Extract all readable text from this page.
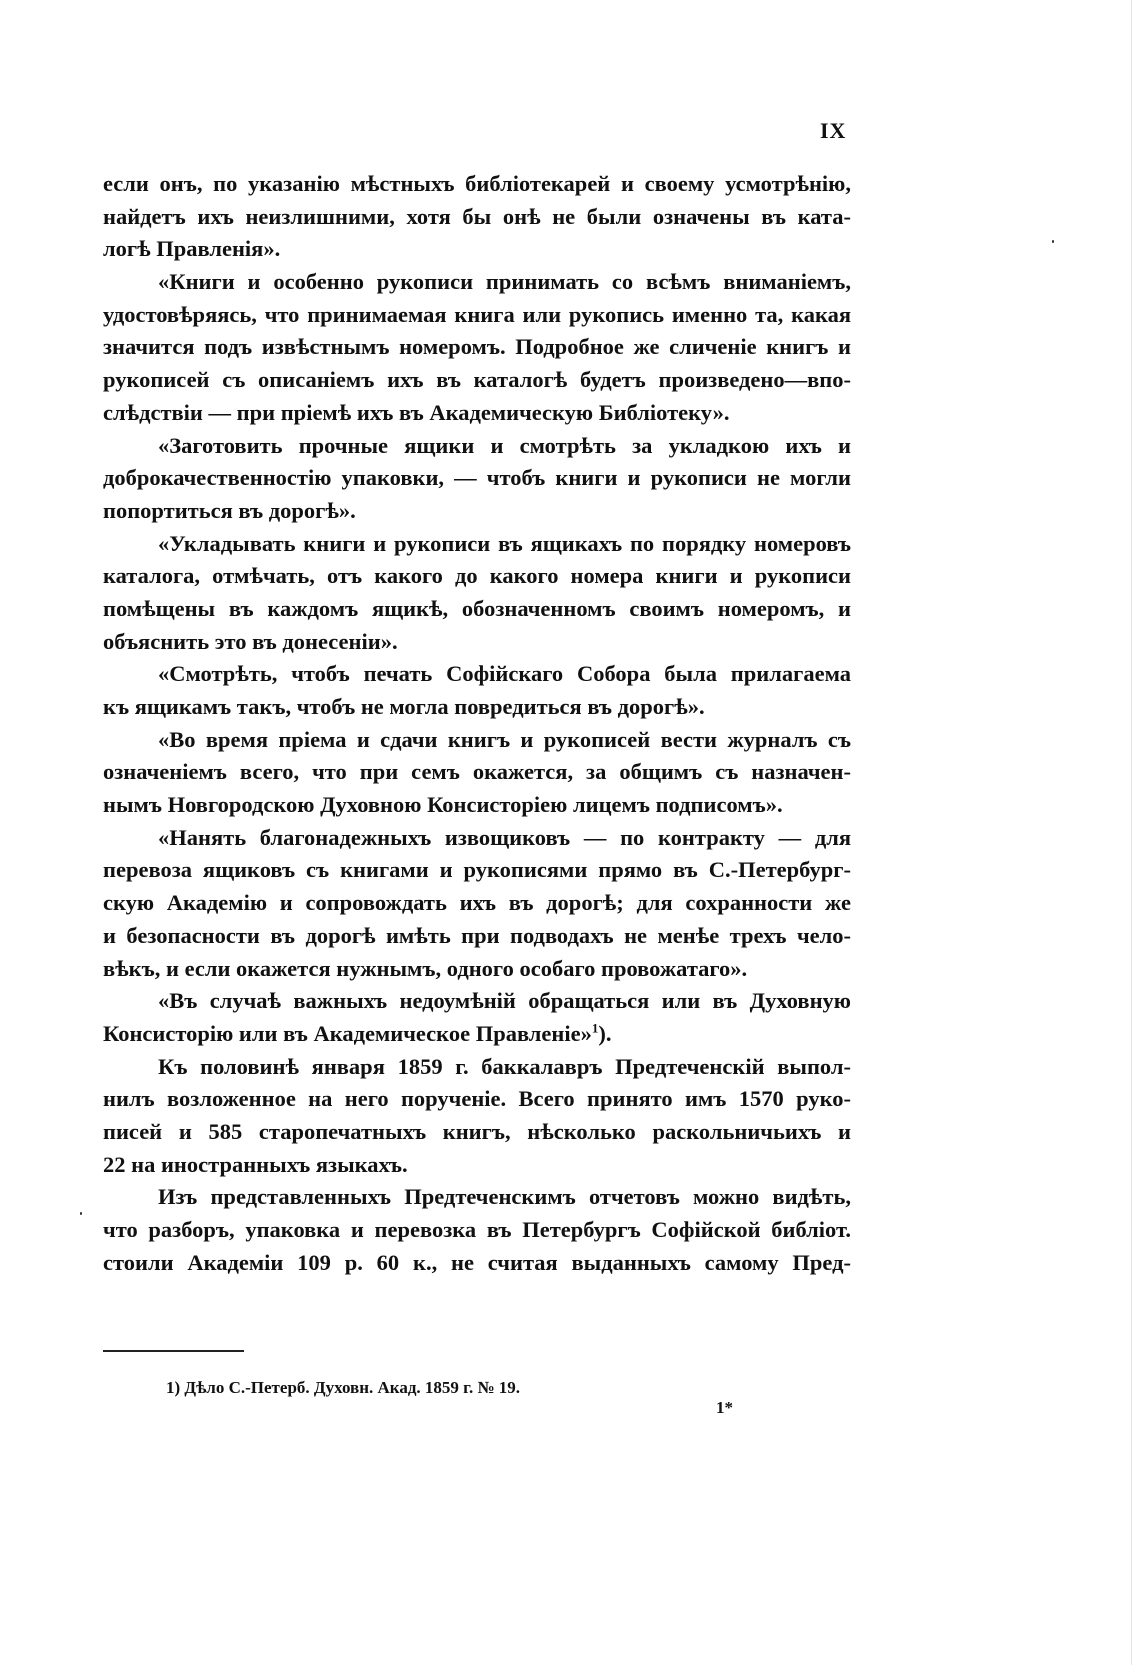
IX
если онъ, по указанію мѣстныхъ библіотекарей и своему усмотрѣнію,
найдетъ ихъ неизлишними, хотя бы онѣ не были означены въ ката-
логѣ Правленія».
«Книги и особенно рукописи принимать со всѣмъ вниманіемъ,
удостовѣряясь, что принимаемая книга или рукопись именно та, какая
значится подъ извѣстнымъ номеромъ. Подробное же сличеніе книгъ и
рукописей съ описаніемъ ихъ въ каталогѣ будетъ произведено—впо-
слѣдствіи — при пріемѣ ихъ въ Академическую Библіотеку».
«Заготовить прочные ящики и смотрѣть за укладкою ихъ и
доброкачественностію упаковки, — чтобъ книги и рукописи не могли
попортиться въ дорогѣ».
«Укладывать книги и рукописи въ ящикахъ по порядку номеровъ
каталога, отмѣчать, отъ какого до какого номера книги и рукописи
помѣщены въ каждомъ ящикѣ, обозначенномъ своимъ номеромъ, и
объяснить это въ донесеніи».
«Смотрѣть, чтобъ печать Софійскаго Собора была прилагаема
къ ящикамъ такъ, чтобъ не могла повредиться въ дорогѣ».
«Во время пріема и сдачи книгъ и рукописей вести журналъ съ
означеніемъ всего, что при семъ окажется, за общимъ съ назначен-
нымъ Новгородскою Духовною Консисторіею лицемъ подписомъ».
«Нанять благонадежныхъ извощиковъ — по контракту — для
перевоза ящиковъ съ книгами и рукописями прямо въ С.-Петербург-
скую Академію и сопровождать ихъ въ дорогѣ; для сохранности же
и безопасности въ дорогѣ имѣть при подводахъ не менѣе трехъ чело-
вѣкъ, и если окажется нужнымъ, одного особаго провожатаго».
«Въ случаѣ важныхъ недоумѣній обращаться или въ Духовную
Консисторію или въ Академическое Правленіе»$^1$).
Къ половинѣ января 1859 г. баккалавръ Предтеченскій выпол-
нилъ возложенное на него порученіе. Всего принято имъ 1570 руко-
писей и 585 старопечатныхъ книгъ, нѣсколько раскольничьихъ и
22 на иностранныхъ языкахъ.
Изъ представленныхъ Предтеченскимъ отчетовъ можно видѣть,
что разборъ, упаковка и перевозка въ Петербургъ Софійской библіот.
стоили Академіи 109 р. 60 к., не считая выданныхъ самому Пред-
1) Дѣло С.-Петерб. Духовн. Акад. 1859 г. № 19.
1*
